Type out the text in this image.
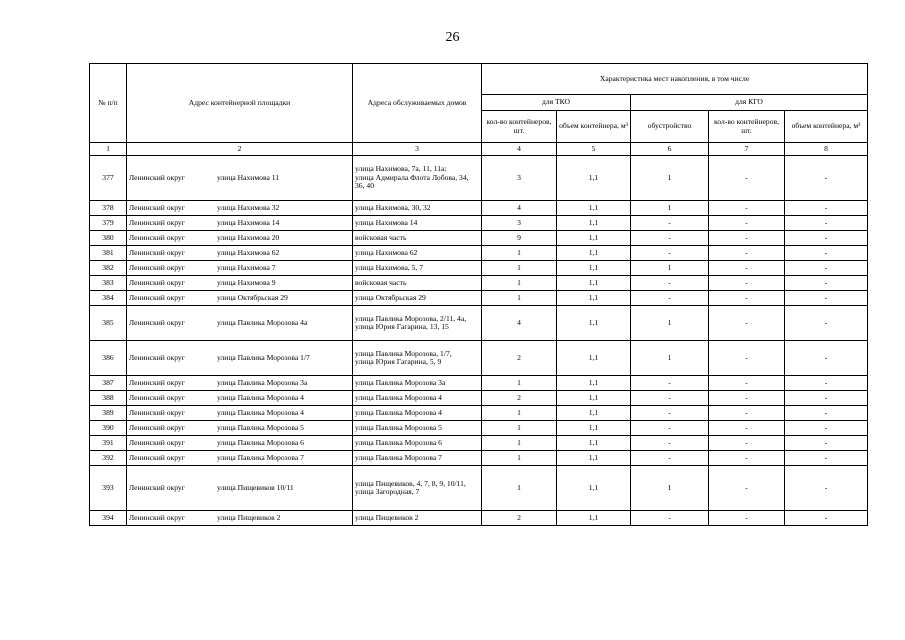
26
№ п/п	Адрес контейнерной площадки	Адреса обслуживаемых домов	Характеристика мест накопления, в том числе				
			для ТКО		для КГО		
			кол-во контейнеров, шт.	объем контейнера, м³	обустройство	кол-во контейнеров, шт.	объем контейнера, м³
1	2	3	4	5	6	7	8
377	Ленинский округ улица Нахимова 11	улица Нахимова, 7а, 11, 11а;
улица Адмирала Флота Лобова, 34, 36, 40	3	1,1	1	-	-
378	Ленинский округ улица Нахимова 32	улица Нахимова, 30, 32	4	1,1	1	-	-
379	Ленинский округ улица Нахимова 14	улица Нахимова 14	3	1,1	-	-	-
380	Ленинский округ улица Нахимова 20	войсковая часть	9	1,1	-	-	-
381	Ленинский округ улица Нахимова 62	улица Нахимова 62	1	1,1	-	-	-
382	Ленинский округ улица Нахимова 7	улица Нахимова, 5, 7	1	1,1	1	-	-
383	Ленинский округ улица Нахимова 9	войсковая часть	1	1,1	-	-	-
384	Ленинский округ улица Октябрьская 29	улица Октябрьская 29	1	1,1	-	-	-
385	Ленинский округ улица Павлика Морозова 4а	улица Павлика Морозова, 2/11, 4а, улица Юрия Гагарина, 13, 15	4	1,1	1	-	-
386	Ленинский округ улица Павлика Морозова 1/7	улица Павлика Морозова, 1/7,
улица Юрия Гагарина, 5, 9	2	1,1	1	-	-
387	Ленинский округ улица Павлика Морозова 3а	улица Павлика Морозова 3а	1	1,1	-	-	-
388	Ленинский округ улица Павлика Морозова 4	улица Павлика Морозова 4	2	1,1	-	-	-
389	Ленинский округ улица Павлика Морозова 4	улица Павлика Морозова 4	1	1,1	-	-	-
390	Ленинский округ улица Павлика Морозова 5	улица Павлика Морозова 5	1	1,1	-	-	-
391	Ленинский округ улица Павлика Морозова 6	улица Павлика Морозова 6	1	1,1	-	-	-
392	Ленинский округ улица Павлика Морозова 7	улица Павлика Морозова 7	1	1,1	-	-	-
393	Ленинский округ улица Пищевиков 10/11	улица Пищевиков, 4, 7, 8, 9, 10/11,
улица Загородная, 7	1	1,1	1	-	-
394	Ленинский округ улица Пищевиков 2	улица Пищевиков 2	2	1,1	-	-	-
